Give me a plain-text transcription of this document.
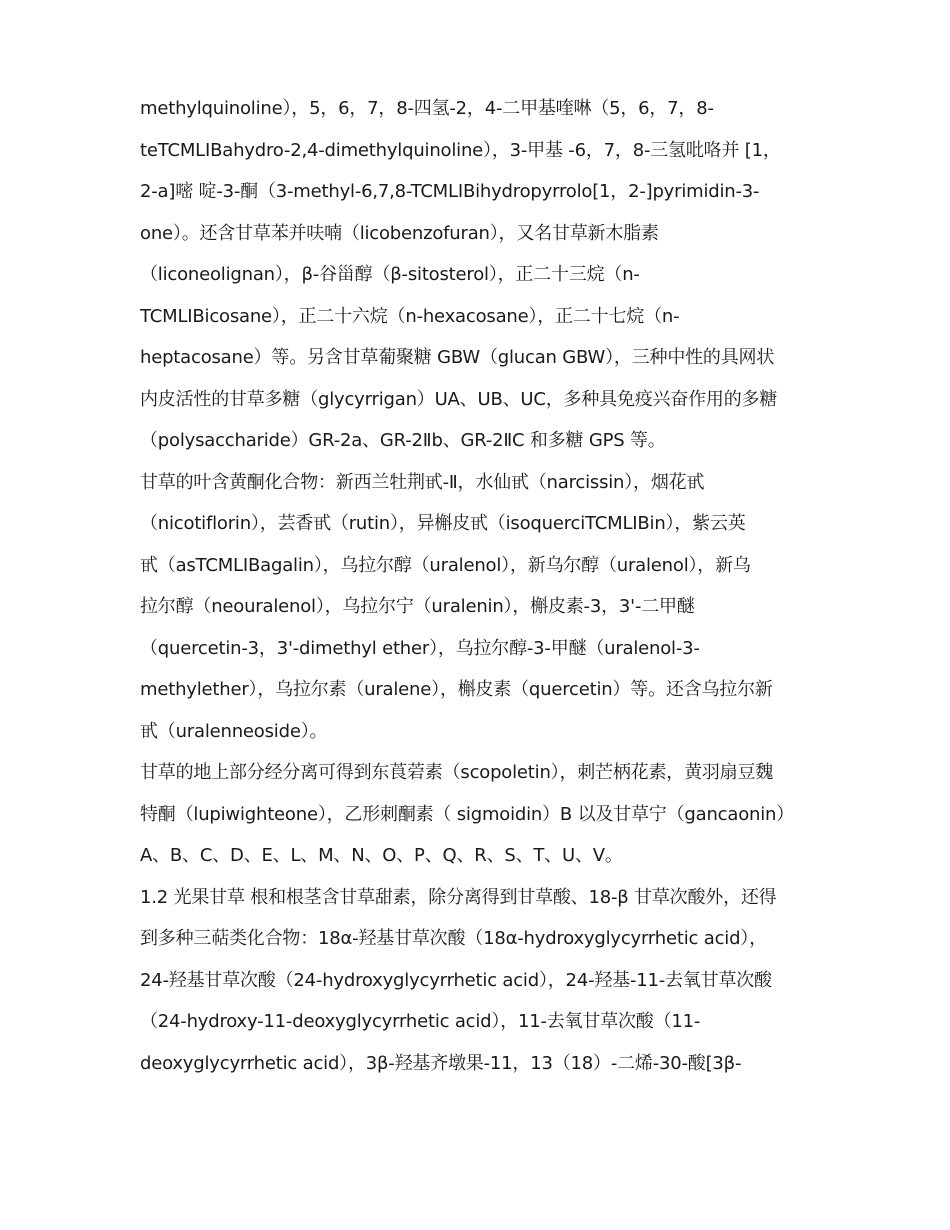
methylquinoline），5，6，7，8-四氢-2，4-二甲基喹啉（5，6，7，8-
teTCMLIBahydro-2,4-dimethylquinoline），3-甲基 -6，7，8-三氢吡咯并 [1，
2-a]嘧 啶-3-酮（3-methyl-6,7,8-TCMLIBihydropyrrolo[1，2-]pyrimidin-3-
one）。还含甘草苯并呋喃（licobenzofuran），又名甘草新木脂素
（liconeolignan），β-谷甾醇（β-sitosterol），正二十三烷（n-
TCMLIBicosane），正二十六烷（n-hexacosane），正二十七烷（n-
heptacosane）等。另含甘草葡聚糖 GBW（glucan GBW），三种中性的具网状
内皮活性的甘草多糖（glycyrrigan）UA、UB、UC，多种具免疫兴奋作用的多糖
（polysaccharide）GR-2a、GR-2Ⅱb、GR-2ⅡC 和多糖 GPS 等。
甘草的叶含黄酮化合物：新西兰牡荆甙-Ⅱ，水仙甙（narcissin），烟花甙
（nicotiflorin），芸香甙（rutin），异槲皮甙（isoquerciTCMLIBin），紫云英
甙（asTCMLIBagalin），乌拉尔醇（uralenol），新乌尔醇（uralenol），新乌
拉尔醇（neouralenol），乌拉尔宁（uralenin），槲皮素-3，3'-二甲醚
（quercetin-3，3'-dimethyl ether），乌拉尔醇-3-甲醚（uralenol-3-
methylether），乌拉尔素（uralene），槲皮素（quercetin）等。还含乌拉尔新
甙（uralenneoside）。
甘草的地上部分经分离可得到东莨菪素（scopoletin），刺芒柄花素，黄羽扇豆魏
特酮（lupiwighteone），乙形刺酮素（ sigmoidin）B 以及甘草宁（gancaonin）
A、B、C、D、E、L、M、N、O、P、Q、R、S、T、U、V。
1.2 光果甘草 根和根茎含甘草甜素，除分离得到甘草酸、18-β 甘草次酸外，还得
到多种三萜类化合物：18α-羟基甘草次酸（18α-hydroxyglycyrrhetic acid），
24-羟基甘草次酸（24-hydroxyglycyrrhetic acid），24-羟基-11-去氧甘草次酸
（24-hydroxy-11-deoxyglycyrrhetic acid），11-去氧甘草次酸（11-
deoxyglycyrrhetic acid），3β-羟基齐墩果-11，13（18）-二烯-30-酸[3β-
